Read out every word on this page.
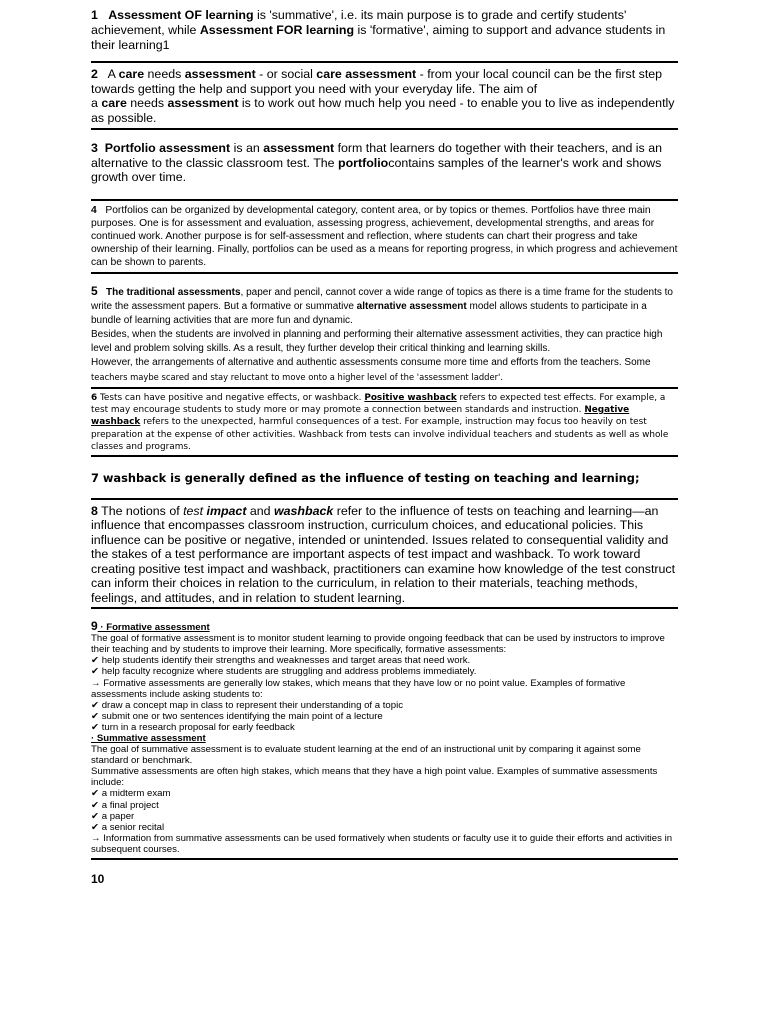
1 Assessment OF learning is 'summative', i.e. its main purpose is to grade and certify students' achievement, while Assessment FOR learning is 'formative', aiming to support and advance students in their learning1

2 A care needs assessment - or social care assessment - from your local council can be the first step towards getting the help and support you need with your everyday life. The aim of

a care needs assessment is to work out how much help you need - to enable you to live as independently as possible.

3 Portfolio assessment is an assessment form that learners do together with their teachers, and is an alternative to the classic classroom test. The portfoliocontains samples of the learner's work and shows growth over time.

4 Portfolios can be organized by developmental category, content area, or by topics or themes. Portfolios have three main purposes. One is for assessment and evaluation, assessing progress, achievement, developmental strengths, and areas for continued work. Another purpose is for self-assessment and reflection, where students can chart their progress and take ownership of their learning. Finally, portfolios can be used as a means for reporting progress, in which progress and achievement can be shown to parents.

5 The traditional assessments, paper and pencil, cannot cover a wide range of topics as there is a time frame for the students to write the assessment papers. But a formative or summative alternative assessment model allows students to participate in a bundle of learning activities that are more fun and dynamic.

Besides, when the students are involved in planning and performing their alternative assessment activities, they can practice high level and problem solving skills. As a result, they further develop their critical thinking and learning skills.

However, the arrangements of alternative and authentic assessments consume more time and efforts from the teachers. Some

teachers maybe scared and stay reluctant to move onto a higher level of the 'assessment ladder'.

6 Tests can have positive and negative effects, or washback. Positive washback refers to expected test effects. For example, a test may encourage students to study more or may promote a connection between standards and instruction. Negative washback refers to the unexpected, harmful consequences of a test. For example, instruction may focus too heavily on test preparation at the expense of other activities. Washback from tests can involve individual teachers and students as well as whole classes and programs.

7 washback is generally defined as the influence of testing on teaching and learning;

8 The notions of test impact and washback refer to the influence of tests on teaching and learning—an influence that encompasses classroom instruction, curriculum choices, and educational policies. This influence can be positive or negative, intended or unintended. Issues related to consequential validity and the stakes of a test performance are important aspects of test impact and washback. To work toward creating positive test impact and washback, practitioners can examine how knowledge of the test construct can inform their choices in relation to the curriculum, in relation to their materials, teaching methods, feelings, and attitudes, and in relation to student learning.

9 · Formative assessment

The goal of formative assessment is to monitor student learning to provide ongoing feedback that can be used by instructors to improve their teaching and by students to improve their learning. More specifically, formative assessments:

✔ help students identify their strengths and weaknesses and target areas that need work.

✔ help faculty recognize where students are struggling and address problems immediately.

→ Formative assessments are generally low stakes, which means that they have low or no point value. Examples of formative assessments include asking students to:

✔ draw a concept map in class to represent their understanding of a topic

✔ submit one or two sentences identifying the main point of a lecture

✔ turn in a research proposal for early feedback

· Summative assessment

The goal of summative assessment is to evaluate student learning at the end of an instructional unit by comparing it against some standard or benchmark.

Summative assessments are often high stakes, which means that they have a high point value. Examples of summative assessments include:

✔ a midterm exam

✔ a final project

✔ a paper

✔ a senior recital

→ Information from summative assessments can be used formatively when students or faculty use it to guide their efforts and activities in subsequent courses.

10
